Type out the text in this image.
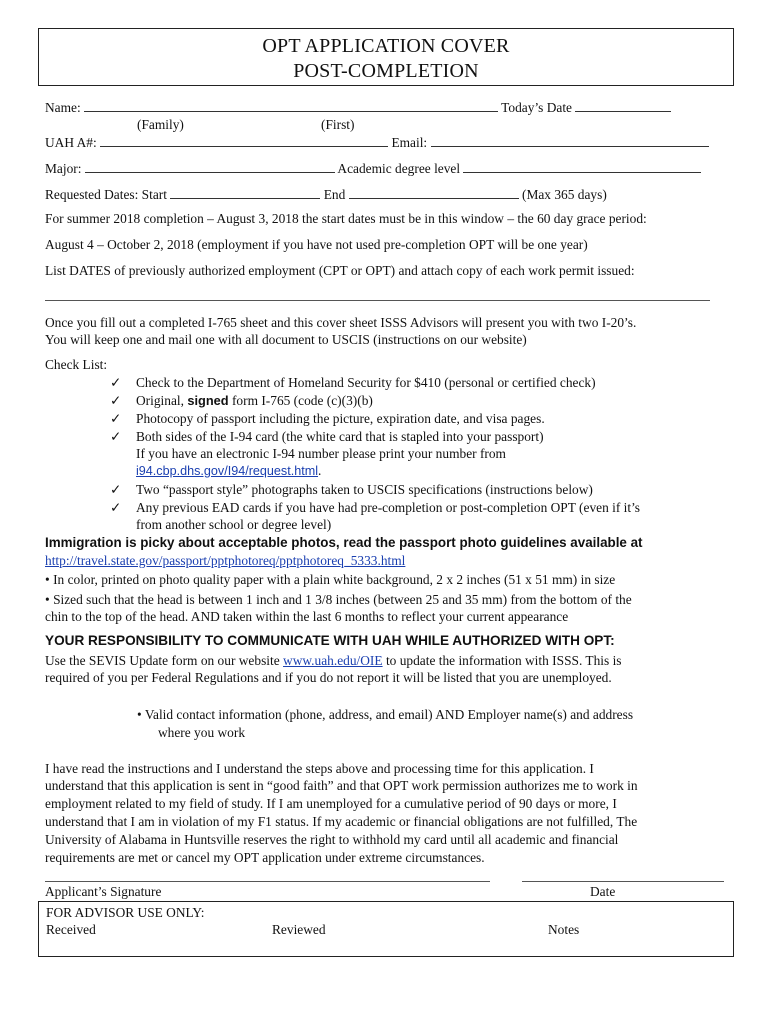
OPT APPLICATION COVER
POST-COMPLETION
Name:	Today’s Date
(Family)	(First)
UAH A#:	Email:
Major:	Academic degree level
Requested Dates: Start	End	(Max 365 days)
For summer 2018 completion – August 3, 2018 the start dates must be in this window – the 60 day grace period:
August 4 – October 2, 2018 (employment if you have not used pre-completion OPT will be one year)
List DATES of previously authorized employment (CPT or OPT) and attach copy of each work permit issued:
Once you fill out a completed I-765 sheet and this cover sheet ISSS Advisors will present you with two I-20’s.
You will keep one and mail one with all document to USCIS (instructions on our website)
Check List:
✓ Check to the Department of Homeland Security for $410 (personal or certified check)
✓ Original, signed form I-765 (code (c)(3)(b)
✓ Photocopy of passport including the picture, expiration date, and visa pages.
✓ Both sides of the I-94 card (the white card that is stapled into your passport)
If you have an electronic I-94 number please print your number from
i94.cbp.dhs.gov/I94/request.html.
✓ Two “passport style” photographs taken to USCIS specifications (instructions below)
✓ Any previous EAD cards if you have had pre-completion or post-completion OPT (even if it’s
from another school or degree level)
Immigration is picky about acceptable photos, read the passport photo guidelines available at
http://travel.state.gov/passport/pptphotoreq/pptphotoreq_5333.html
• In color, printed on photo quality paper with a plain white background, 2 x 2 inches (51 x 51 mm) in size
• Sized such that the head is between 1 inch and 1 3/8 inches (between 25 and 35 mm) from the bottom of the
chin to the top of the head. AND taken within the last 6 months to reflect your current appearance
YOUR RESPONSIBILITY TO COMMUNICATE WITH UAH WHILE AUTHORIZED WITH OPT:
Use the SEVIS Update form on our website www.uah.edu/OIE to update the information with ISSS. This is
required of you per Federal Regulations and if you do not report it will be listed that you are unemployed.
• Valid contact information (phone, address, and email) AND Employer name(s) and address
where you work
I have read the instructions and I understand the steps above and processing time for this application. I
understand that this application is sent in “good faith” and that OPT work permission authorizes me to work in
employment related to my field of study. If I am unemployed for a cumulative period of 90 days or more, I
understand that I am in violation of my F1 status. If my academic or financial obligations are not fulfilled, The
University of Alabama in Huntsville reserves the right to withhold my card until all academic and financial
requirements are met or cancel my OPT application under extreme circumstances.
Applicant’s Signature	Date
FOR ADVISOR USE ONLY:
Received	Reviewed	Notes
